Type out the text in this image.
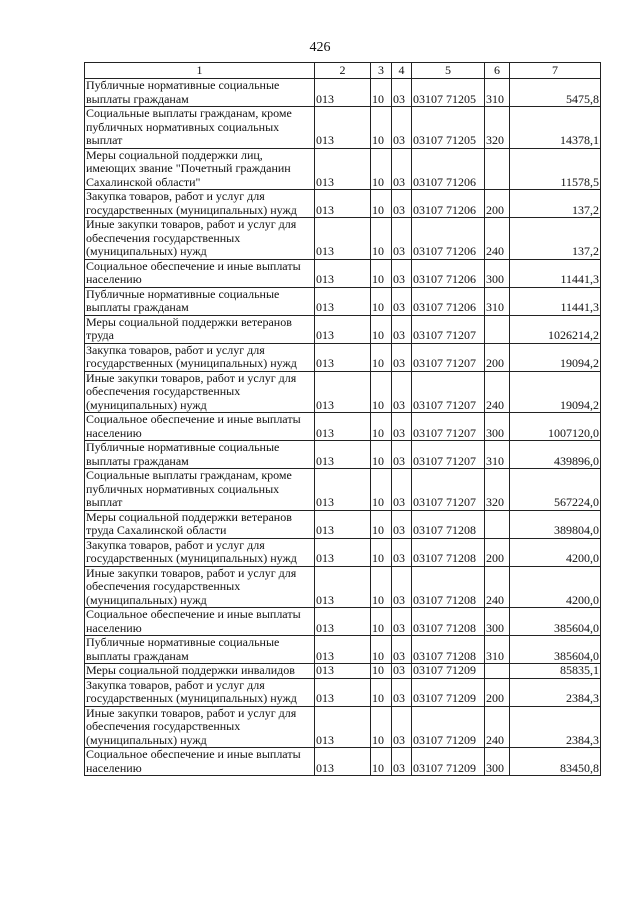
426
1	2	3	4	5	6	7
Публичные нормативные социальные выплаты гражданам	013	10	03	03107 71205	310	5475,8
Социальные выплаты гражданам, кроме публичных нормативных социальных выплат	013	10	03	03107 71205	320	14378,1
Меры социальной поддержки лиц, имеющих звание "Почетный гражданин Сахалинской области"	013	10	03	03107 71206		11578,5
Закупка товаров, работ и услуг для государственных (муниципальных) нужд	013	10	03	03107 71206	200	137,2
Иные закупки товаров, работ и услуг для обеспечения государственных (муниципальных) нужд	013	10	03	03107 71206	240	137,2
Социальное обеспечение и иные выплаты населению	013	10	03	03107 71206	300	11441,3
Публичные нормативные социальные выплаты гражданам	013	10	03	03107 71206	310	11441,3
Меры социальной поддержки ветеранов труда	013	10	03	03107 71207		1026214,2
Закупка товаров, работ и услуг для государственных (муниципальных) нужд	013	10	03	03107 71207	200	19094,2
Иные закупки товаров, работ и услуг для обеспечения государственных (муниципальных) нужд	013	10	03	03107 71207	240	19094,2
Социальное обеспечение и иные выплаты населению	013	10	03	03107 71207	300	1007120,0
Публичные нормативные социальные выплаты гражданам	013	10	03	03107 71207	310	439896,0
Социальные выплаты гражданам, кроме публичных нормативных социальных выплат	013	10	03	03107 71207	320	567224,0
Меры социальной поддержки ветеранов труда Сахалинской области	013	10	03	03107 71208		389804,0
Закупка товаров, работ и услуг для государственных (муниципальных) нужд	013	10	03	03107 71208	200	4200,0
Иные закупки товаров, работ и услуг для обеспечения государственных (муниципальных) нужд	013	10	03	03107 71208	240	4200,0
Социальное обеспечение и иные выплаты населению	013	10	03	03107 71208	300	385604,0
Публичные нормативные социальные выплаты гражданам	013	10	03	03107 71208	310	385604,0
Меры социальной поддержки инвалидов	013	10	03	03107 71209		85835,1
Закупка товаров, работ и услуг для государственных (муниципальных) нужд	013	10	03	03107 71209	200	2384,3
Иные закупки товаров, работ и услуг для обеспечения государственных (муниципальных) нужд	013	10	03	03107 71209	240	2384,3
Социальное обеспечение и иные выплаты населению	013	10	03	03107 71209	300	83450,8
